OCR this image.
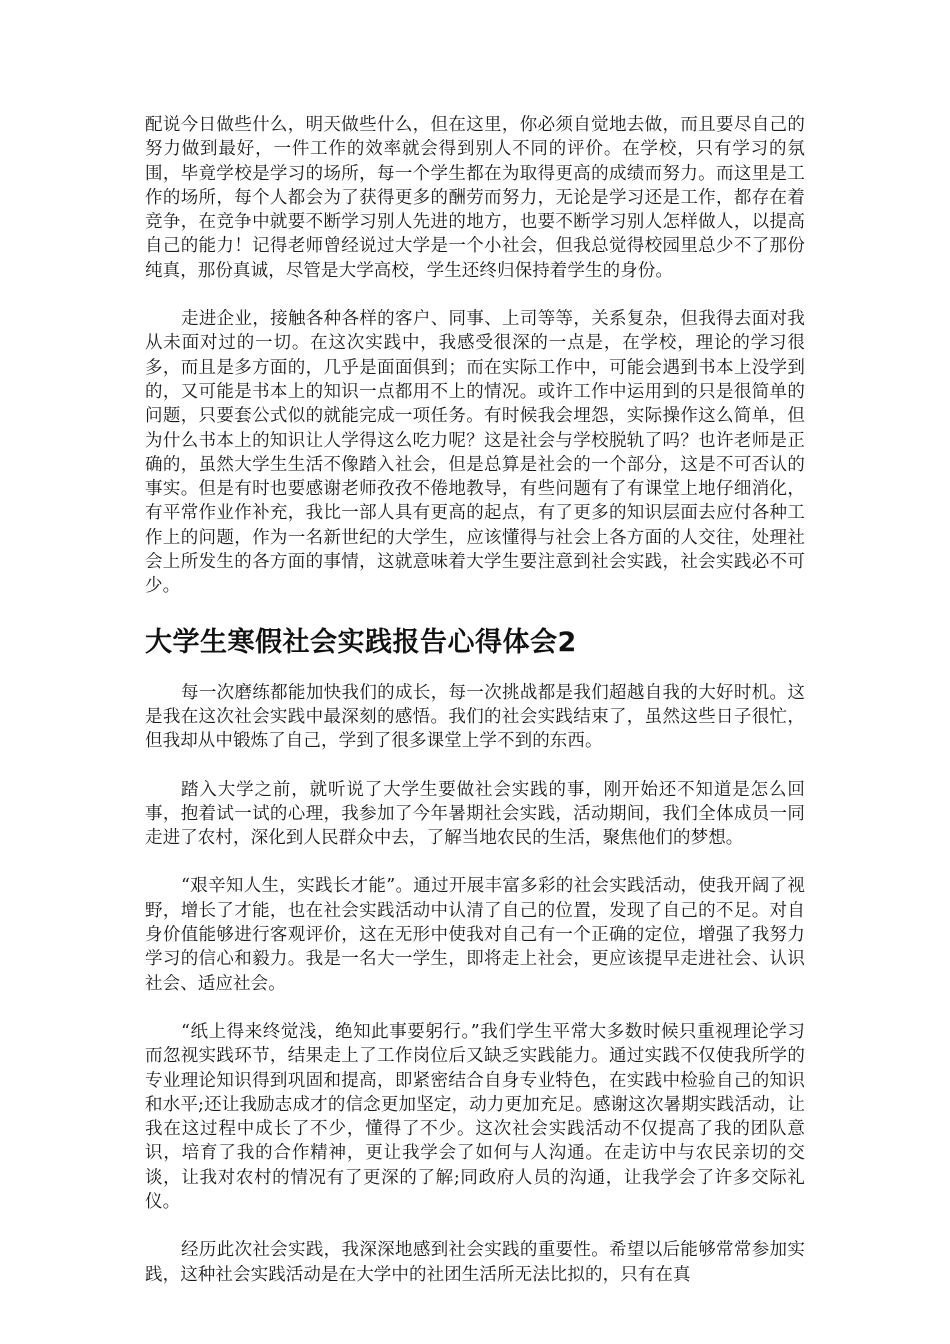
配说今日做些什么，明天做些什么，但在这里，你必须自觉地去做，而且要尽自己的努力做到最好，一件工作的效率就会得到别人不同的评价。在学校，只有学习的氛围，毕竟学校是学习的场所，每一个学生都在为取得更高的成绩而努力。而这里是工作的场所，每个人都会为了获得更多的酬劳而努力，无论是学习还是工作，都存在着竞争，在竞争中就要不断学习别人先进的地方，也要不断学习别人怎样做人，以提高自己的能力！记得老师曾经说过大学是一个小社会，但我总觉得校园里总少不了那份纯真，那份真诚，尽管是大学高校，学生还终归保持着学生的身份。

走进企业，接触各种各样的客户、同事、上司等等，关系复杂，但我得去面对我从未面对过的一切。在这次实践中，我感受很深的一点是，在学校，理论的学习很多，而且是多方面的，几乎是面面俱到；而在实际工作中，可能会遇到书本上没学到的，又可能是书本上的知识一点都用不上的情况。或许工作中运用到的只是很简单的问题，只要套公式似的就能完成一项任务。有时候我会埋怨，实际操作这么简单，但为什么书本上的知识让人学得这么吃力呢？这是社会与学校脱轨了吗？也许老师是正确的，虽然大学生生活不像踏入社会，但是总算是社会的一个部分，这是不可否认的事实。但是有时也要感谢老师孜孜不倦地教导，有些问题有了有课堂上地仔细消化，有平常作业作补充，我比一部人具有更高的起点，有了更多的知识层面去应付各种工作上的问题，作为一名新世纪的大学生，应该懂得与社会上各方面的人交往，处理社会上所发生的各方面的事情，这就意味着大学生要注意到社会实践，社会实践必不可少。

大学生寒假社会实践报告心得体会2

每一次磨练都能加快我们的成长，每一次挑战都是我们超越自我的大好时机。这是我在这次社会实践中最深刻的感悟。我们的社会实践结束了，虽然这些日子很忙，但我却从中锻炼了自己，学到了很多课堂上学不到的东西。

踏入大学之前，就听说了大学生要做社会实践的事，刚开始还不知道是怎么回事，抱着试一试的心理，我参加了今年暑期社会实践，活动期间，我们全体成员一同走进了农村，深化到人民群众中去，了解当地农民的生活，聚焦他们的梦想。

“艰辛知人生，实践长才能”。通过开展丰富多彩的社会实践活动，使我开阔了视野，增长了才能，也在社会实践活动中认清了自己的位置，发现了自己的不足。对自身价值能够进行客观评价，这在无形中使我对自己有一个正确的定位，增强了我努力学习的信心和毅力。我是一名大一学生，即将走上社会，更应该提早走进社会、认识社会、适应社会。

“纸上得来终觉浅，绝知此事要躬行。”我们学生平常大多数时候只重视理论学习而忽视实践环节，结果走上了工作岗位后又缺乏实践能力。通过实践不仅使我所学的专业理论知识得到巩固和提高，即紧密结合自身专业特色，在实践中检验自己的知识和水平;还让我励志成才的信念更加坚定，动力更加充足。感谢这次暑期实践活动，让我在这过程中成长了不少，懂得了不少。这次社会实践活动不仅提高了我的团队意识，培育了我的合作精神，更让我学会了如何与人沟通。在走访中与农民亲切的交谈，让我对农村的情况有了更深的了解;同政府人员的沟通，让我学会了许多交际礼仪。

经历此次社会实践，我深深地感到社会实践的重要性。希望以后能够常常参加实践，这种社会实践活动是在大学中的社团生活所无法比拟的，只有在真
